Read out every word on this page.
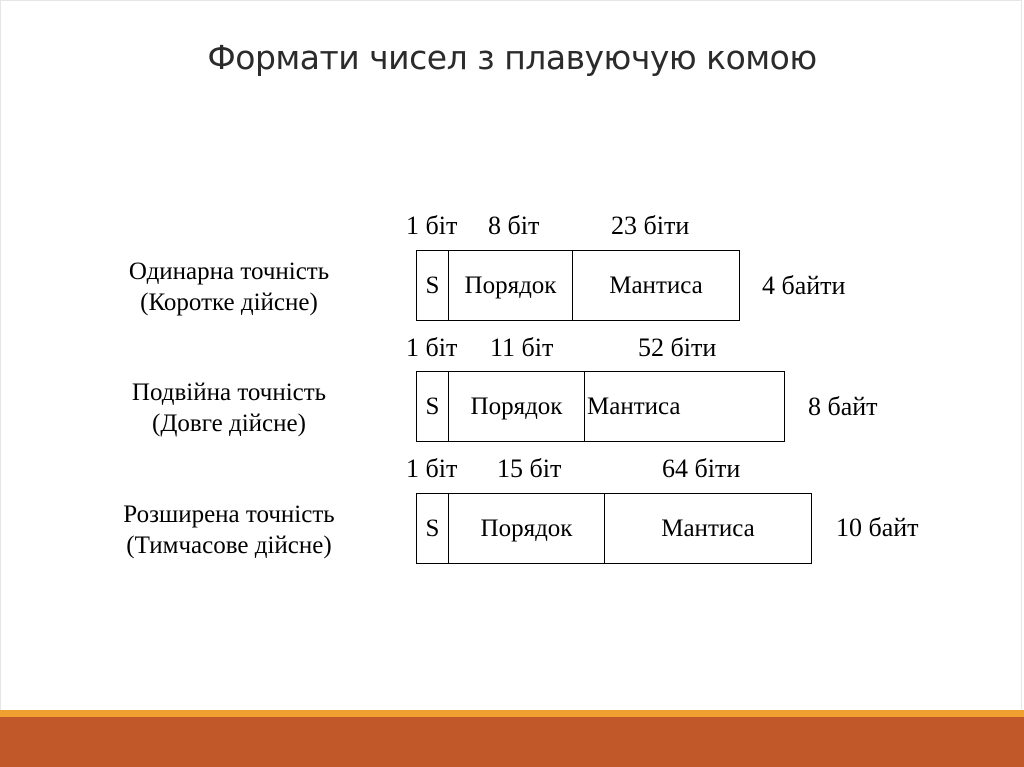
Формати чисел з плавуючую комою
1 біт 8 біт	23 біти
Одинарна точність
(Коротке дійсне)
S	Порядок	Мантиса	4 байти
1 біт 11 біт	52 біти
Подвійна точність
(Довге дійсне)
S	Порядок Мантиса	8 байт
1 біт 15 біт	64 біти
Розширена точність
(Тимчасове дійсне)
S	Порядок	Мантиса	10 байт
